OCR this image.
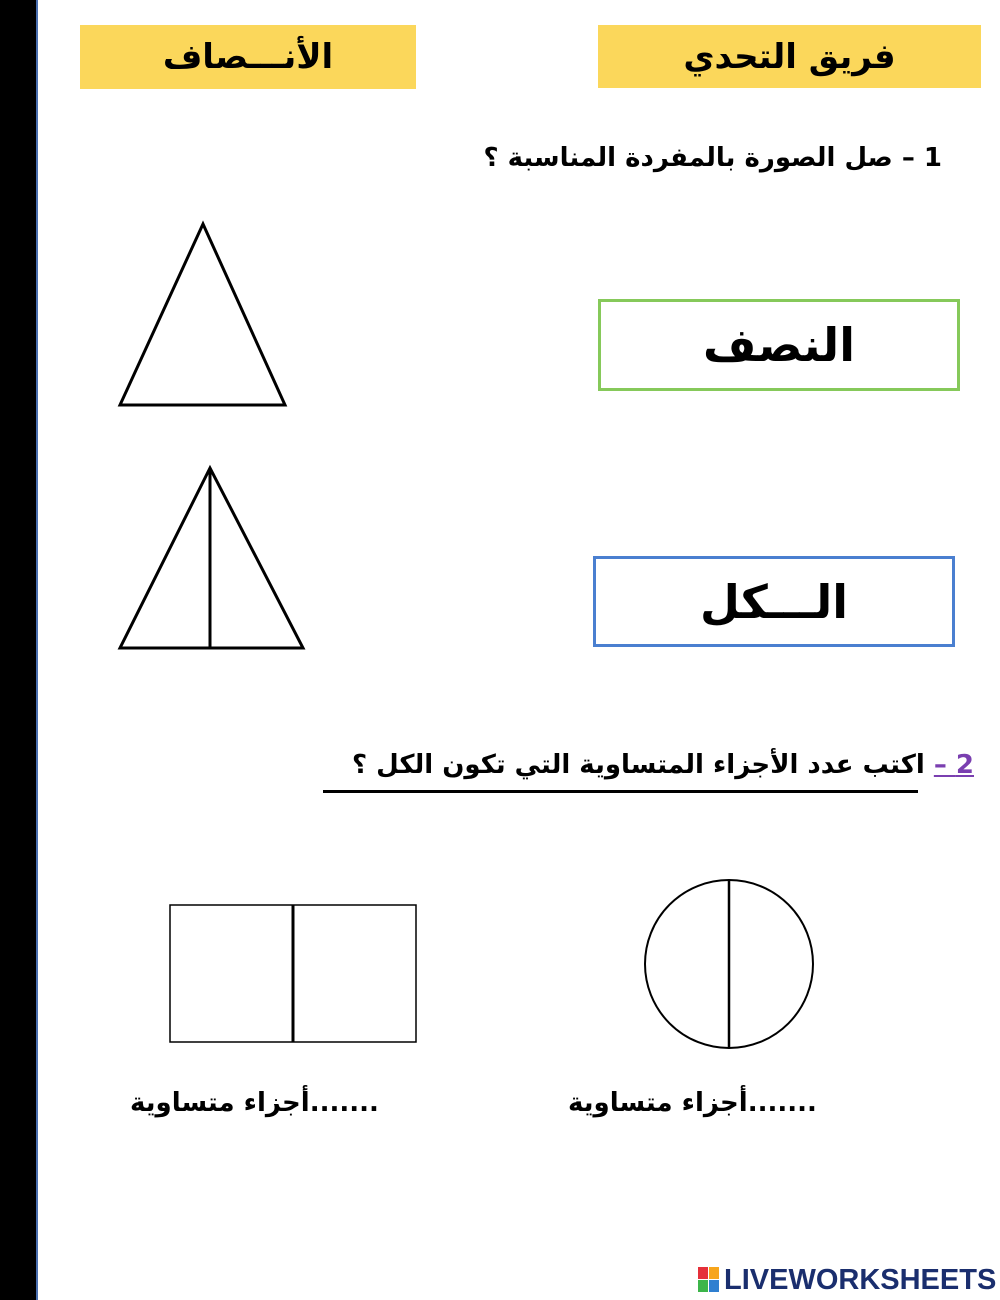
الأنـــصاف	فريق التحدي
1 – صل الصورة بالمفردة المناسبة ؟
النصف
الـــكل
2 – اكتب عدد الأجزاء المتساوية التي تكون الكل ؟
.......أجزاء متساوية	.......أجزاء متساوية
LIVEWORKSHEETS
